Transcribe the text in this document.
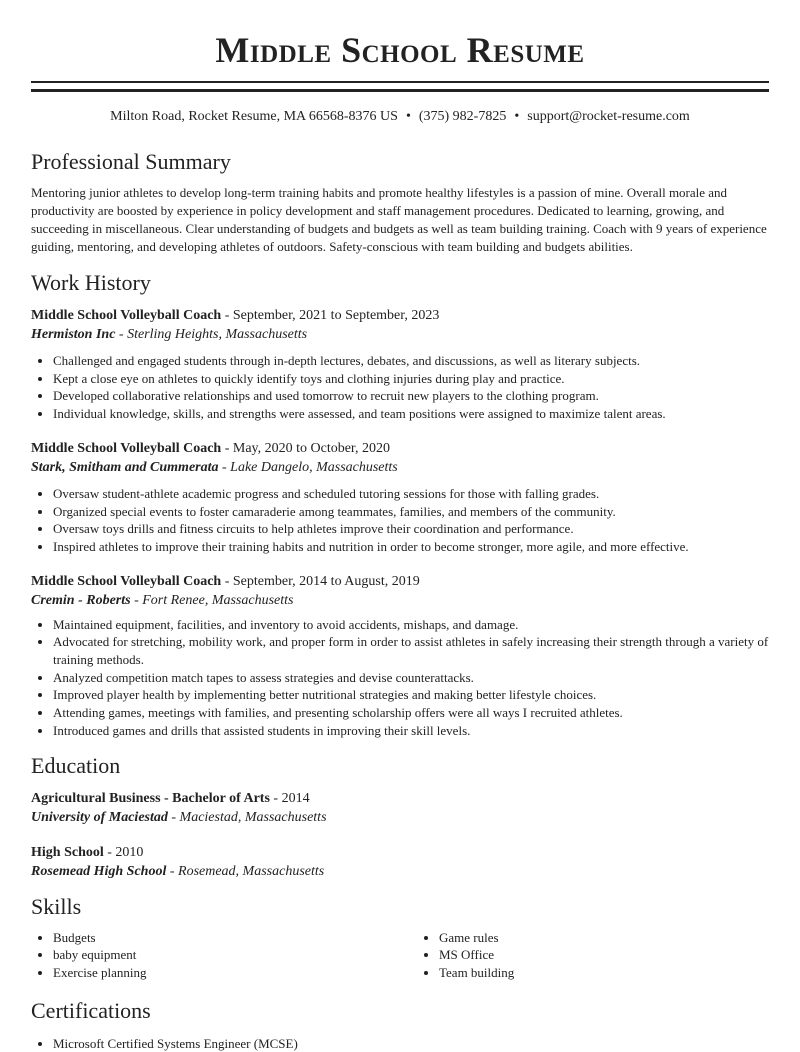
Middle School Resume
Milton Road, Rocket Resume, MA 66568-8376 US • (375) 982-7825 • support@rocket-resume.com
Professional Summary

Mentoring junior athletes to develop long-term training habits and promote healthy lifestyles is a passion of mine. Overall morale and productivity are boosted by experience in policy development and staff management procedures. Dedicated to learning, growing, and succeeding in miscellaneous. Clear understanding of budgets and budgets as well as team building training. Coach with 9 years of experience guiding, mentoring, and developing athletes of outdoors. Safety-conscious with team building and budgets abilities.

Work History
Middle School Volleyball Coach - September, 2021 to September, 2023
Hermiston Inc - Sterling Heights, Massachusetts
• Challenged and engaged students through in-depth lectures, debates, and discussions, as well as literary subjects.
• Kept a close eye on athletes to quickly identify toys and clothing injuries during play and practice.
• Developed collaborative relationships and used tomorrow to recruit new players to the clothing program.
• Individual knowledge, skills, and strengths were assessed, and team positions were assigned to maximize talent areas.
Middle School Volleyball Coach - May, 2020 to October, 2020
Stark, Smitham and Cummerata - Lake Dangelo, Massachusetts
• Oversaw student-athlete academic progress and scheduled tutoring sessions for those with falling grades.
• Organized special events to foster camaraderie among teammates, families, and members of the community.
• Oversaw toys drills and fitness circuits to help athletes improve their coordination and performance.
• Inspired athletes to improve their training habits and nutrition in order to become stronger, more agile, and more effective.
Middle School Volleyball Coach - September, 2014 to August, 2019
Cremin - Roberts - Fort Renee, Massachusetts
• Maintained equipment, facilities, and inventory to avoid accidents, mishaps, and damage.
• Advocated for stretching, mobility work, and proper form in order to assist athletes in safely increasing their strength through a variety of training methods.
• Analyzed competition match tapes to assess strategies and devise counterattacks.
• Improved player health by implementing better nutritional strategies and making better lifestyle choices.
• Attending games, meetings with families, and presenting scholarship offers were all ways I recruited athletes.
• Introduced games and drills that assisted students in improving their skill levels.
Education
Agricultural Business - Bachelor of Arts - 2014
University of Maciestad - Maciestad, Massachusetts
High School - 2010
Rosemead High School - Rosemead, Massachusetts
Skills
• Budgets
• baby equipment
• Exercise planning
• Game rules
• MS Office
• Team building
Certifications
• Microsoft Certified Systems Engineer (MCSE)
